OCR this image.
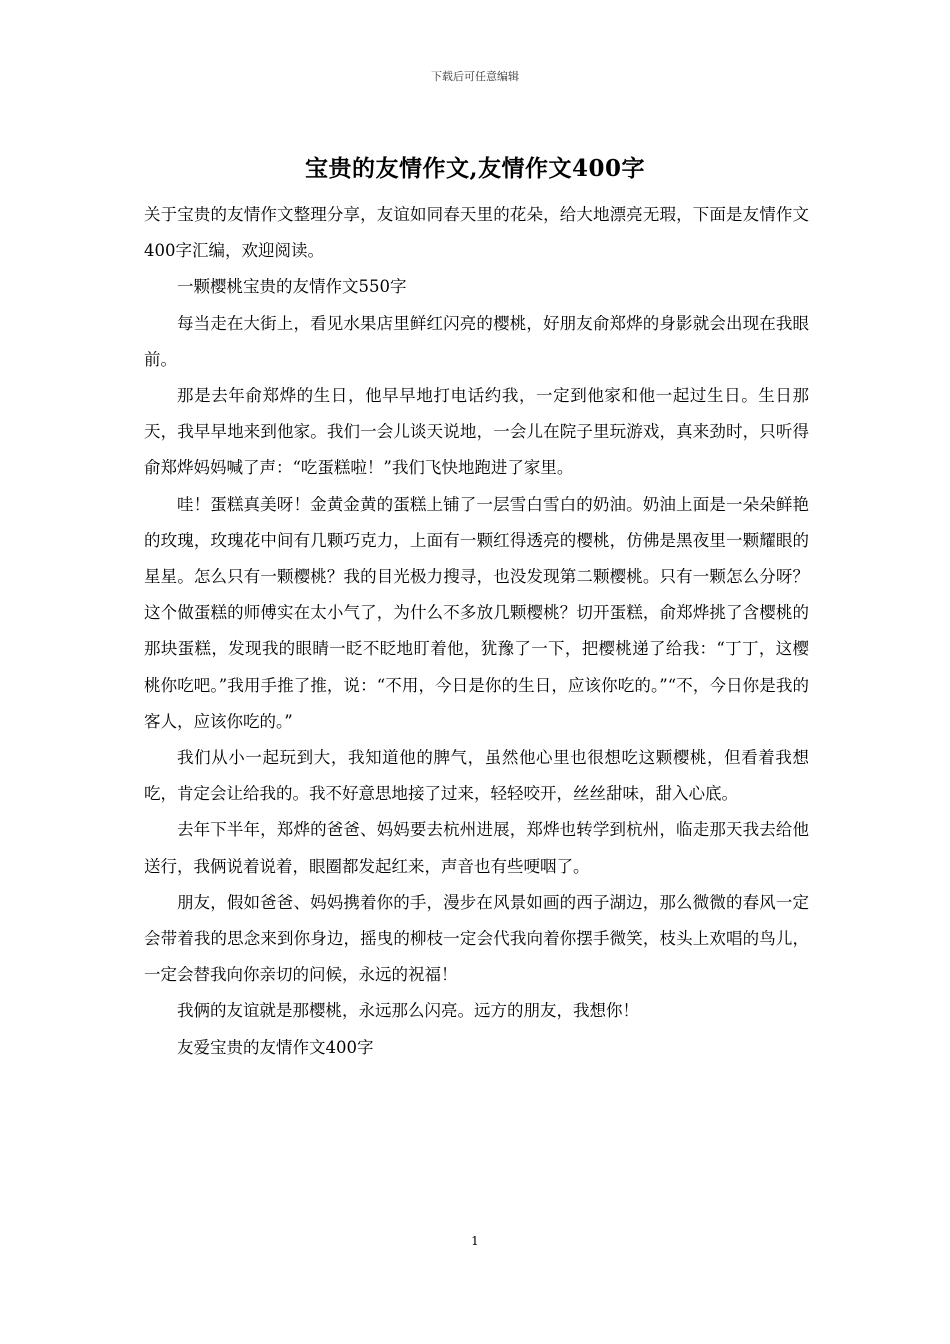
下载后可任意编辑
宝贵的友情作文,友情作文400字

关于宝贵的友情作文整理分享，友谊如同春天里的花朵，给大地漂亮无瑕，下面是友情作文400字汇编，欢迎阅读。

一颗樱桃宝贵的友情作文550字

每当走在大街上，看见水果店里鲜红闪亮的樱桃，好朋友俞郑烨的身影就会出现在我眼前。

那是去年俞郑烨的生日，他早早地打电话约我，一定到他家和他一起过生日。生日那天，我早早地来到他家。我们一会儿谈天说地，一会儿在院子里玩游戏，真来劲时，只听得俞郑烨妈妈喊了声：“吃蛋糕啦！”我们飞快地跑进了家里。

哇！蛋糕真美呀！金黄金黄的蛋糕上铺了一层雪白雪白的奶油。奶油上面是一朵朵鲜艳的玫瑰，玫瑰花中间有几颗巧克力，上面有一颗红得透亮的樱桃，仿佛是黑夜里一颗耀眼的星星。怎么只有一颗樱桃？我的目光极力搜寻，也没发现第二颗樱桃。只有一颗怎么分呀？这个做蛋糕的师傅实在太小气了，为什么不多放几颗樱桃？切开蛋糕，俞郑烨挑了含樱桃的那块蛋糕，发现我的眼睛一眨不眨地盯着他，犹豫了一下，把樱桃递了给我：“丁丁，这樱桃你吃吧。”我用手推了推，说：“不用，今日是你的生日，应该你吃的。”“不，今日你是我的客人，应该你吃的。”

我们从小一起玩到大，我知道他的脾气，虽然他心里也很想吃这颗樱桃，但看着我想吃，肯定会让给我的。我不好意思地接了过来，轻轻咬开，丝丝甜味，甜入心底。

去年下半年，郑烨的爸爸、妈妈要去杭州进展，郑烨也转学到杭州，临走那天我去给他送行，我俩说着说着，眼圈都发起红来，声音也有些哽咽了。

朋友，假如爸爸、妈妈携着你的手，漫步在风景如画的西子湖边，那么微微的春风一定会带着我的思念来到你身边，摇曳的柳枝一定会代我向着你摆手微笑，枝头上欢唱的鸟儿，一定会替我向你亲切的问候，永远的祝福！

我俩的友谊就是那樱桃，永远那么闪亮。远方的朋友，我想你！

友爱宝贵的友情作文400字

1
